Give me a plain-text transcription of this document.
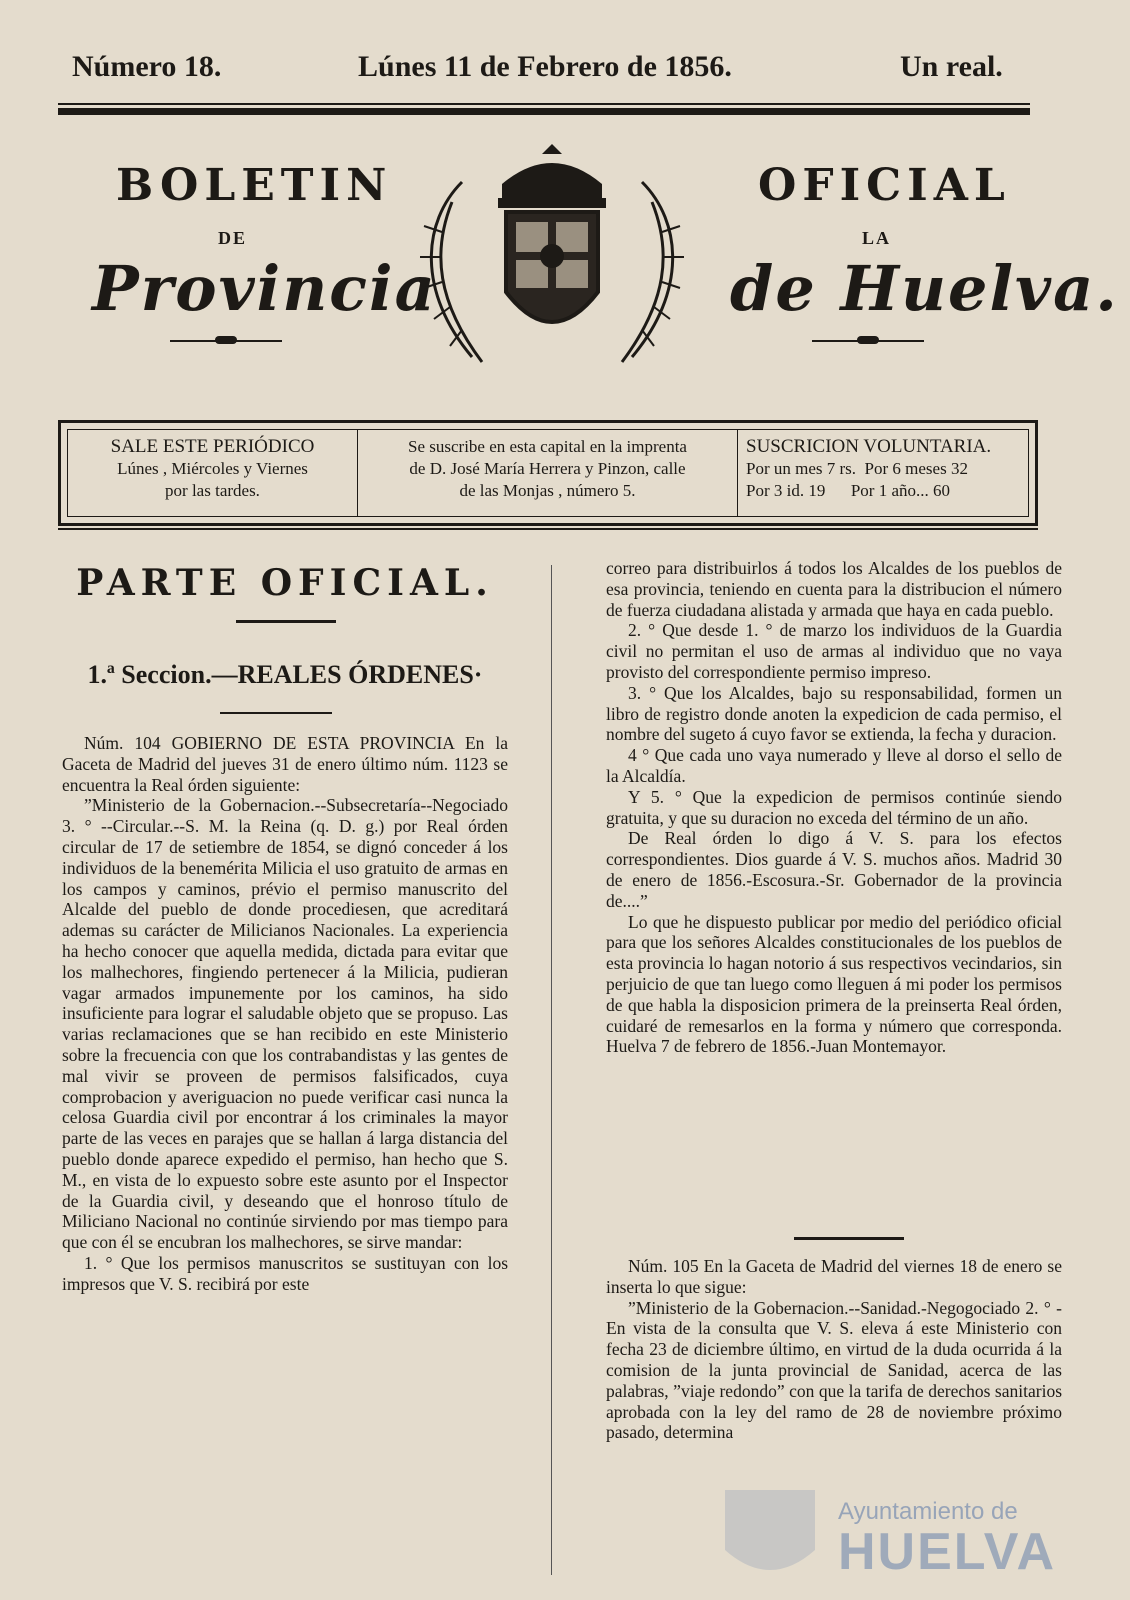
Número 18.	Lúnes 11 de Febrero de 1856.	Un real.
BOLETIN	OFICIAL
DE	LA
Provincia	de Huelva.
SALE ESTE PERIÓDICO
Lúnes , Miércoles y Viernes
por las tardes.
Se suscribe en esta capital en la imprenta
de D. José María Herrera y Pinzon, calle
de las Monjas , número 5.
SUSCRICION VOLUNTARIA.
Por un mes 7 rs.  Por 6 meses 32
Por 3 id. 19      Por 1 año... 60
PARTE OFICIAL.
1.ª Seccion.—REALES ÓRDENES·

Núm. 104 GOBIERNO DE ESTA PROVINCIA En la Gaceta de Madrid del jueves 31 de enero último núm. 1123 se encuentra la Real órden siguiente:

”Ministerio de la Gobernacion.--Subsecretaría--Negociado 3. ° --Circular.--S. M. la Reina (q. D. g.) por Real órden circular de 17 de setiembre de 1854, se dignó conceder á los individuos de la benemérita Milicia el uso gratuito de armas en los campos y caminos, prévio el permiso manuscrito del Alcalde del pueblo de donde procediesen, que acreditará ademas su carácter de Milicianos Nacionales. La experiencia ha hecho conocer que aquella medida, dictada para evitar que los malhechores, fingiendo pertenecer á la Milicia, pudieran vagar armados impunemente por los caminos, ha sido insuficiente para lograr el saludable objeto que se propuso. Las varias reclamaciones que se han recibido en este Ministerio sobre la frecuencia con que los contrabandistas y las gentes de mal vivir se proveen de permisos falsificados, cuya comprobacion y averiguacion no puede verificar casi nunca la celosa Guardia civil por encontrar á los criminales la mayor parte de las veces en parajes que se hallan á larga distancia del pueblo donde aparece expedido el permiso, han hecho que S. M., en vista de lo expuesto sobre este asunto por el Inspector de la Guardia civil, y deseando que el honroso título de Miliciano Nacional no continúe sirviendo por mas tiempo para que con él se encubran los malhechores, se sirve mandar:

1. ° Que los permisos manuscritos se sustituyan con los impresos que V. S. recibirá por este

correo para distribuirlos á todos los Alcaldes de los pueblos de esa provincia, teniendo en cuenta para la distribucion el número de fuerza ciudadana alistada y armada que haya en cada pueblo.

2. ° Que desde 1. ° de marzo los individuos de la Guardia civil no permitan el uso de armas al individuo que no vaya provisto del correspondiente permiso impreso.

3. ° Que los Alcaldes, bajo su responsabilidad, formen un libro de registro donde anoten la expedicion de cada permiso, el nombre del sugeto á cuyo favor se extienda, la fecha y duracion.

4 ° Que cada uno vaya numerado y lleve al dorso el sello de la Alcaldía.

Y 5. ° Que la expedicion de permisos continúe siendo gratuita, y que su duracion no exceda del término de un año.

De Real órden lo digo á V. S. para los efectos correspondientes. Dios guarde á V. S. muchos años. Madrid 30 de enero de 1856.-Escosura.-Sr. Gobernador de la provincia de....”

Lo que he dispuesto publicar por medio del periódico oficial para que los señores Alcaldes constitucionales de los pueblos de esta provincia lo hagan notorio á sus respectivos vecindarios, sin perjuicio de que tan luego como lleguen á mi poder los permisos de que habla la disposicion primera de la preinserta Real órden, cuidaré de remesarlos en la forma y número que corresponda. Huelva 7 de febrero de 1856.-Juan Montemayor.

Núm. 105 En la Gaceta de Madrid del viernes 18 de enero se inserta lo que sigue:

”Ministerio de la Gobernacion.--Sanidad.-Negogociado 2. ° -En vista de la consulta que V. S. eleva á este Ministerio con fecha 23 de diciembre último, en virtud de la duda ocurrida á la comision de la junta provincial de Sanidad, acerca de las palabras, ”viaje redondo” con que la tarifa de derechos sanitarios aprobada con la ley del ramo de 28 de noviembre próximo pasado, determina

Ayuntamiento de
HUELVA
